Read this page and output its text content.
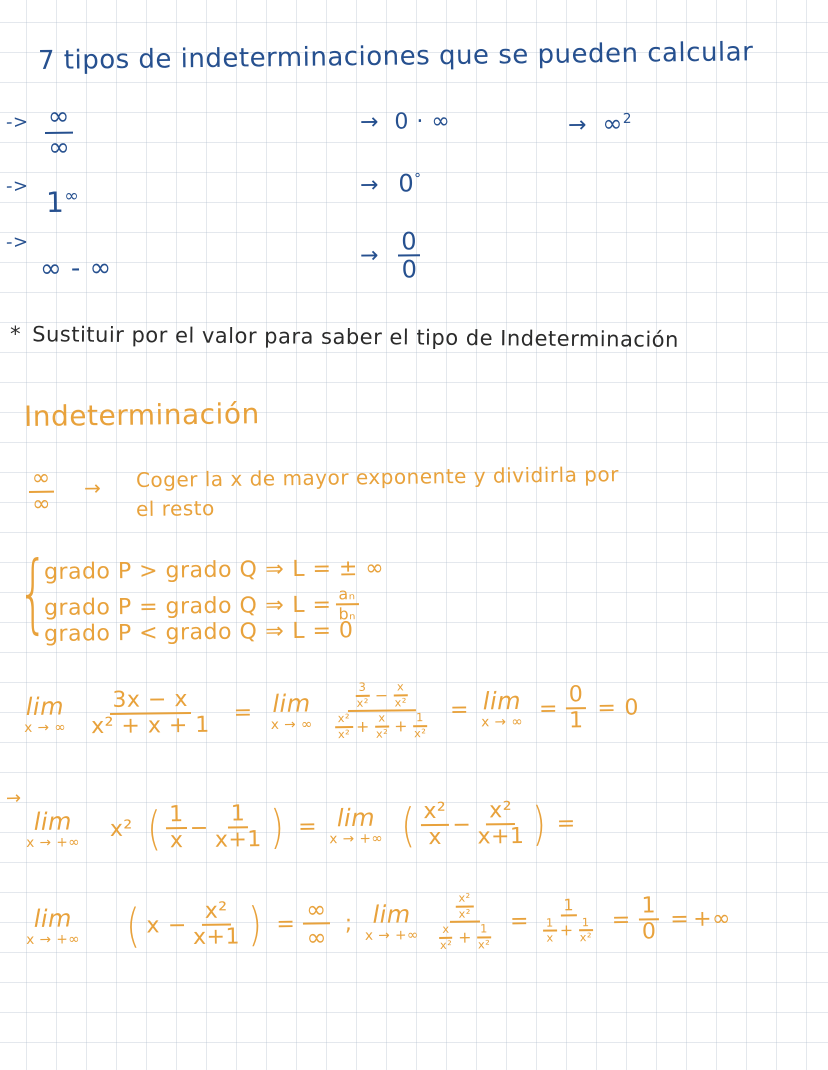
7 tipos de indeterminaciones que se pueden calcular
-> $\frac{\infty}{\infty}$
-> 1∞
->
∞ - ∞
→ 0 · ∞
→ 0°
→ $\frac{0}{0}$
→ ∞$^2$
* Sustituir por el valor para saber el tipo de Indeterminación
Indeterminación
$\frac{\infty}{\infty}$ → Coger la x de mayor exponente y dividirla por
el resto
{
grado P > grado Q ⇒ L = ± ∞
grado P = grado Q ⇒ $L = \frac{\text{aₙ}}{\text{bₙ}}$
grado P < grado Q ⇒ L = 0
lim
x → ∞ $\frac{3x - x}{\text{x² + x + 1}} = \lim$
x → ∞
$\frac{3}{\text{x²}} - \frac{x}{\text{x²}}$
$\frac{\text{x²}}{\text{x²}} + \frac{x}{\text{x²}} + \frac{1}{\text{x²}}$
= lim
x → ∞
= $\frac{0}{1} = 0$
→
lim
x → +∞
x² ( $\frac{1}{x} - \frac{1}{x+1}$ ) = lim
x → +∞ ( $\frac{\text{x²}}{x} - \frac{\text{x²}}{x+1}$ ) =
lim
x → +∞ ( $x - \frac{\text{x²}}{x+1}$ ) = $\frac{\infty}{\infty}$ ; lim
x → +∞
$\frac{\text{x²}}{\text{x²}}$
$\frac{x}{\text{x²}} + \frac{1}{\text{x²}}$
=
1
$\frac{1}{x} + \frac{1}{\text{x²}} = \frac{1}{0}$ = +∞
